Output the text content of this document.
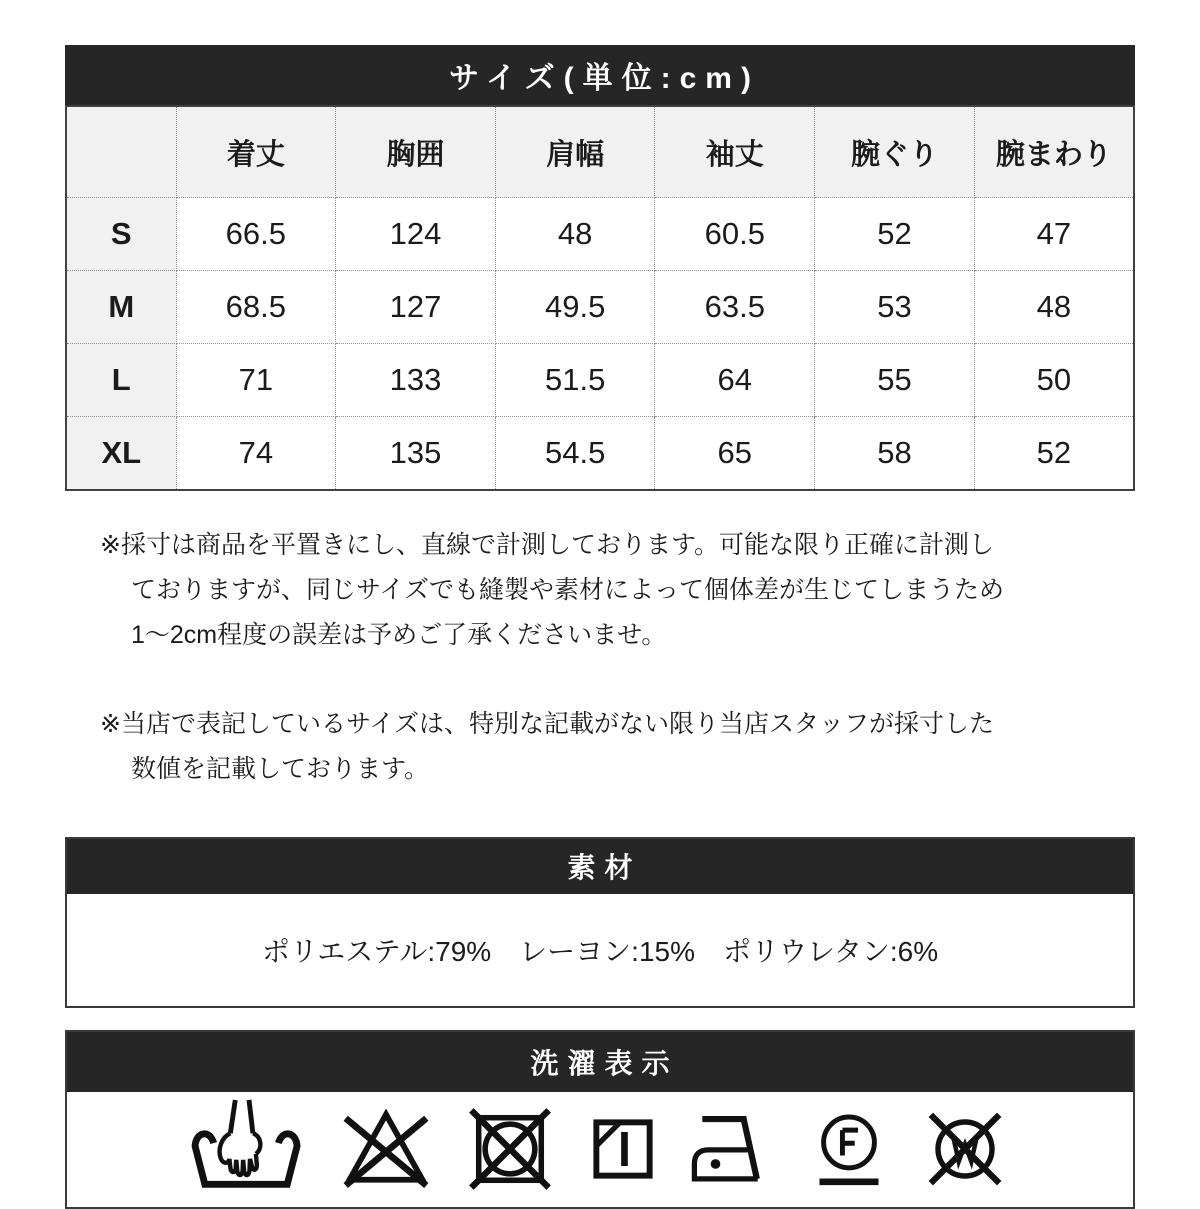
サイズ(単位:cm)
	着丈	胸囲	肩幅	袖丈	腕ぐり	腕まわり
S	66.5	124	48	60.5	52	47
M	68.5	127	49.5	63.5	53	48
L	71	133	51.5	64	55	50
XL	74	135	54.5	65	58	52
※採寸は商品を平置きにし、直線で計測しております。可能な限り正確に計測し
ておりますが、同じサイズでも縫製や素材によって個体差が生じてしまうため
1〜2cm程度の誤差は予めご了承くださいませ。
※当店で表記しているサイズは、特別な記載がない限り当店スタッフが採寸した
数値を記載しております。
素材
ポリエステル:79%　レーヨン:15%　ポリウレタン:6%
洗濯表示
